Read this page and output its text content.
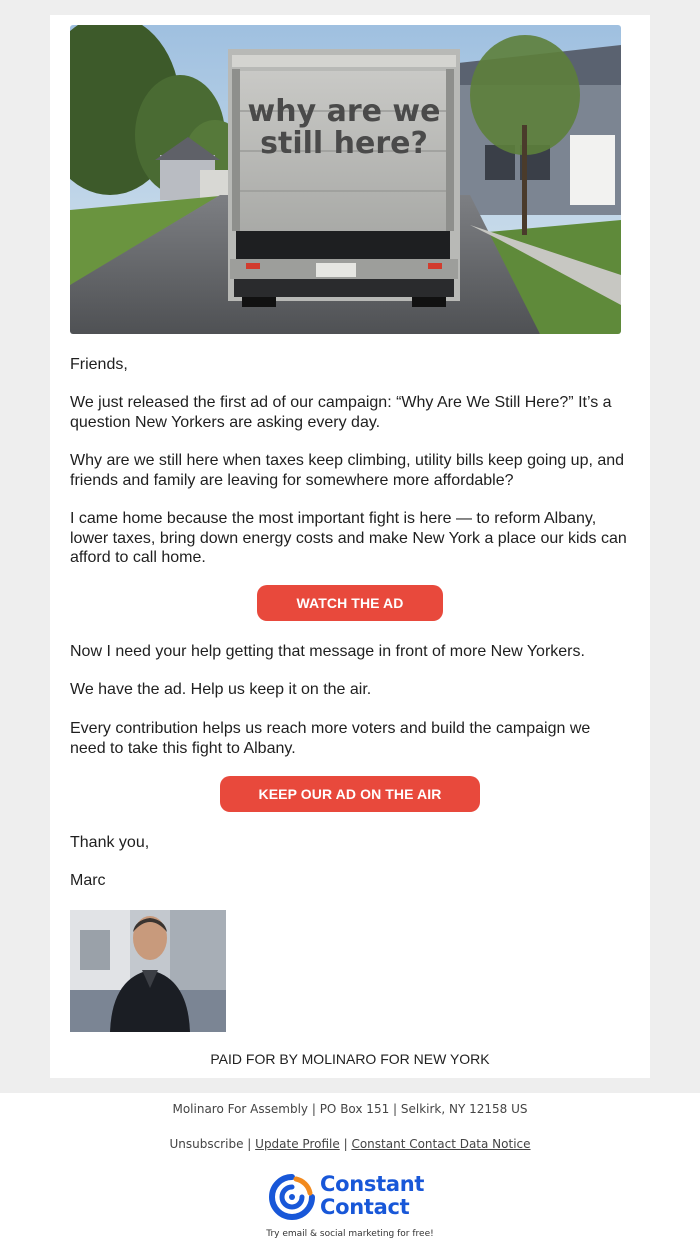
why are we
still here?

Friends,

We just released the first ad of our campaign: “Why Are We Still Here?” It’s a question New Yorkers are asking every day.

Why are we still here when taxes keep climbing, utility bills keep going up, and friends and family are leaving for somewhere more affordable?

I came home because the most important fight is here — to reform Albany, lower taxes, bring down energy costs and make New York a place our kids can afford to call home.

WATCH THE AD

Now I need your help getting that message in front of more New Yorkers.

We have the ad. Help us keep it on the air.

Every contribution helps us reach more voters and build the campaign we need to take this fight to Albany.

KEEP OUR AD ON THE AIR

Thank you,

Marc

PAID FOR BY MOLINARO FOR NEW YORK

Molinaro For Assembly | PO Box 151 | Selkirk, NY 12158 US

Unsubscribe | Update Profile | Constant Contact Data Notice

Constant
Contact

Try email & social marketing for free!
